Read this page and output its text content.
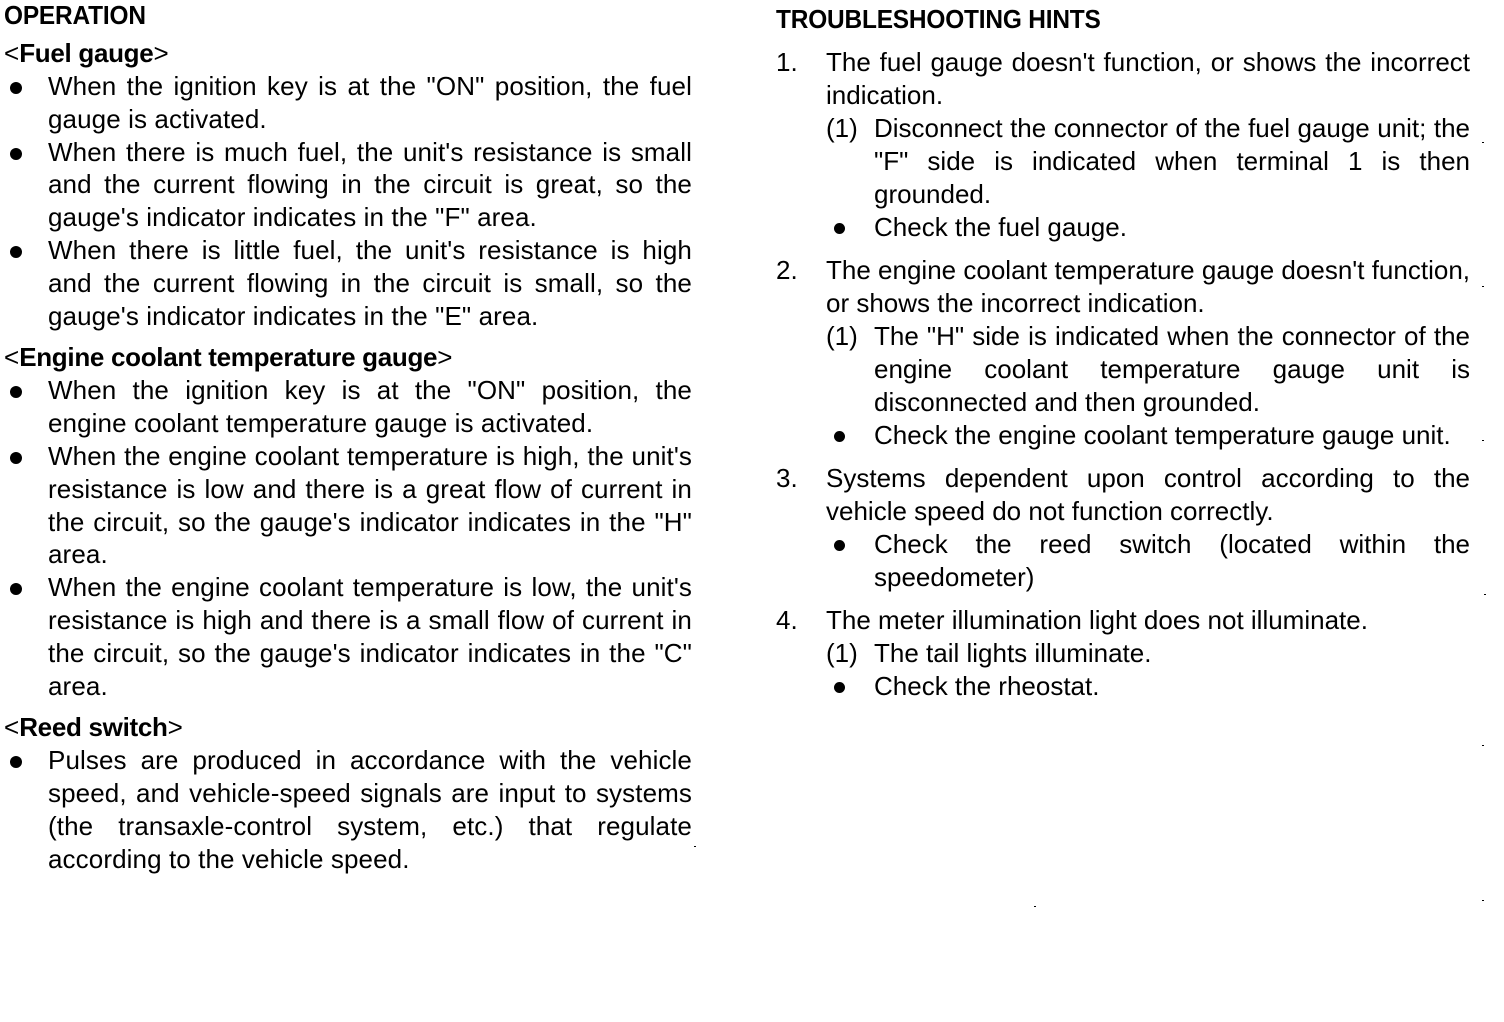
OPERATION
<Fuel gauge>
When the ignition key is at the "ON" position, the fuel gauge is activated.
When there is much fuel, the unit's resistance is small and the current flowing in the circuit is great, so the gauge's indicator indicates in the "F" area.
When there is little fuel, the unit's resistance is high and the current flowing in the circuit is small, so the gauge's indicator indicates in the "E" area.
<Engine coolant temperature gauge>
When the ignition key is at the "ON" position, the engine coolant temperature gauge is activated.
When the engine coolant temperature is high, the unit's resistance is low and there is a great flow of current in the circuit, so the gauge's indicator indicates in the "H" area.
When the engine coolant temperature is low, the unit's resistance is high and there is a small flow of current in the circuit, so the gauge's indicator indicates in the "C" area.
<Reed switch>
Pulses are produced in accordance with the vehicle speed, and vehicle-speed signals are input to systems (the transaxle-control system, etc.) that regulate according to the vehicle speed.
TROUBLESHOOTING HINTS
1. The fuel gauge doesn't function, or shows the incorrect indication.
(1) Disconnect the connector of the fuel gauge unit; the "F" side is indicated when terminal 1 is then grounded.
Check the fuel gauge.
2. The engine coolant temperature gauge doesn't function, or shows the incorrect indication.
(1) The "H" side is indicated when the connector of the engine coolant temperature gauge unit is disconnected and then grounded.
Check the engine coolant temperature gauge unit.
3. Systems dependent upon control according to the vehicle speed do not function correctly.
Check the reed switch (located within the speedometer)
4. The meter illumination light does not illuminate.
(1) The tail lights illuminate.
Check the rheostat.
